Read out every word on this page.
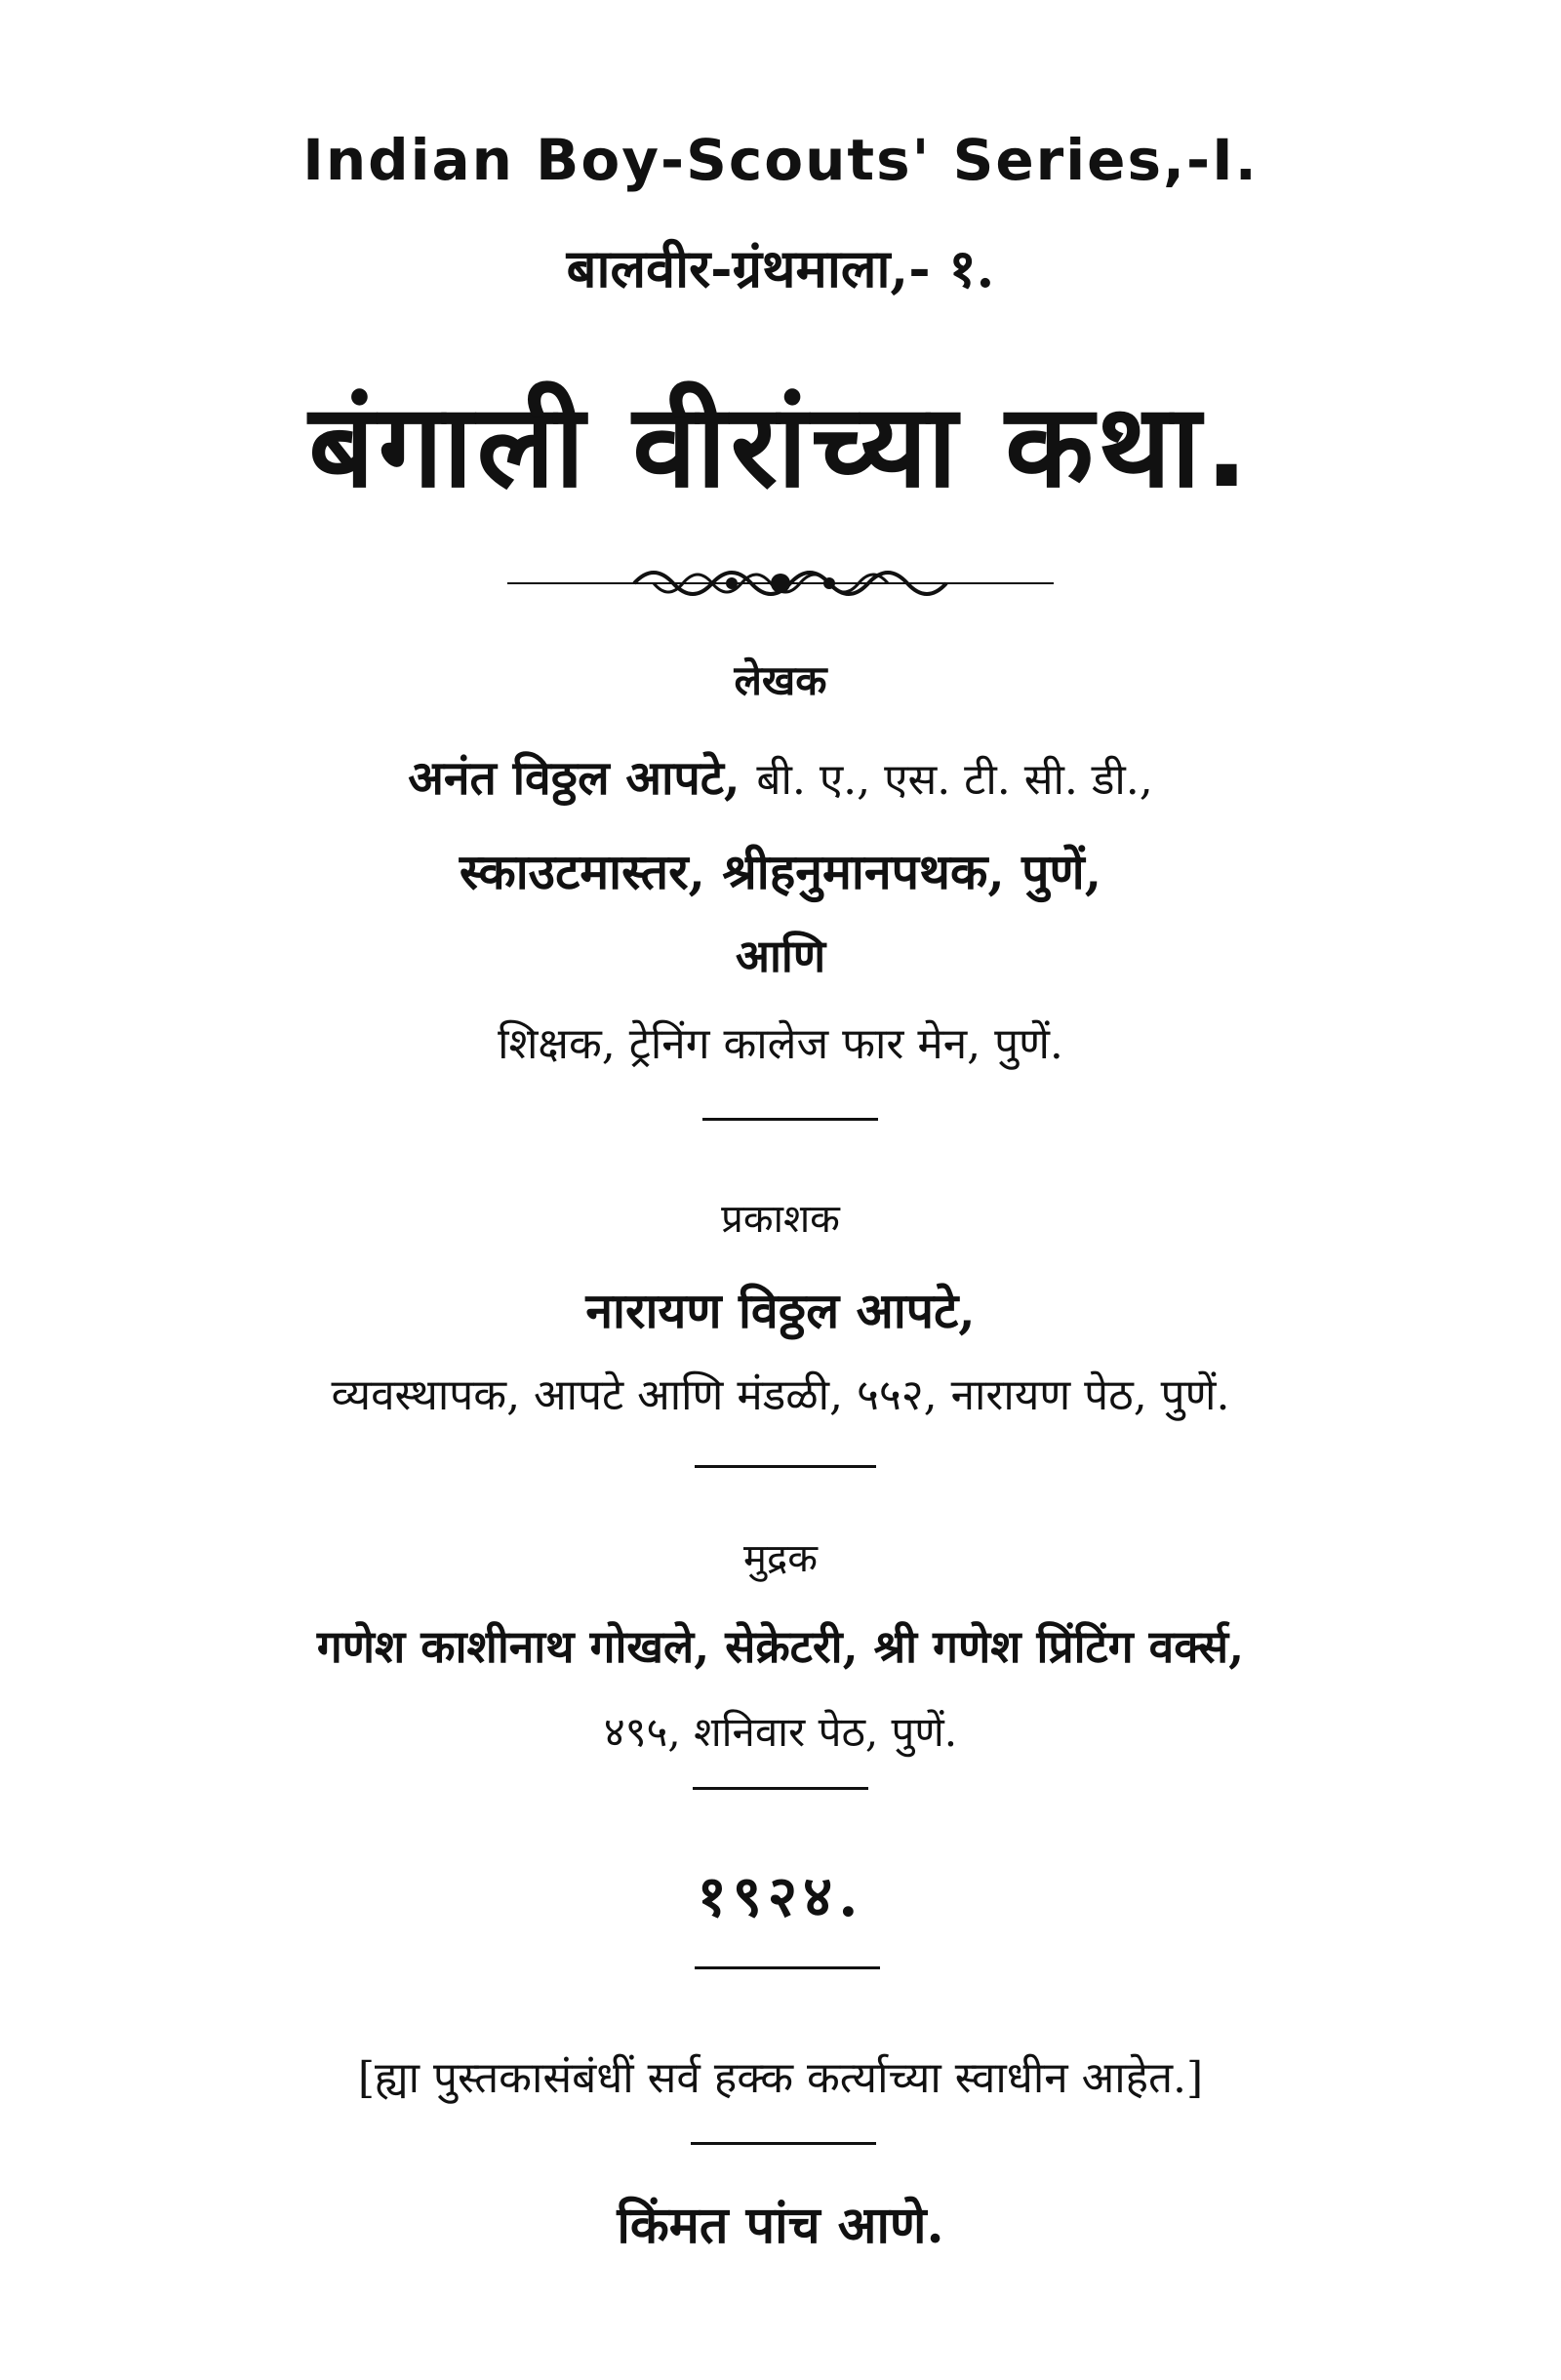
Indian Boy-Scouts' Series,-I.
बालवीर-ग्रंथमाला,- १.
बंगाली वीरांच्या कथा.
लेखक
अनंत विठ्ठल आपटे, बी. ए., एस. टी. सी. डी.,
स्काउटमास्तर, श्रीहनुमानपथक, पुणें,
आणि
शिक्षक, ट्रेनिंग कालेज फार मेन, पुणें.
प्रकाशक
नारायण विठ्ठल आपटे,
व्यवस्थापक, आपटे आणि मंडळी, ५५२, नारायण पेठ, पुणें.
मुद्रक
गणेश काशीनाथ गोखले, सेक्रेटरी, श्री गणेश प्रिंटिंग वर्क्स,
४९५, शनिवार पेठ, पुणें.
१९२४.
[ह्या पुस्तकासंबंधीं सर्व हक्क कर्त्याच्या स्वाधीन आहेत.]
किंमत पांच आणे.
